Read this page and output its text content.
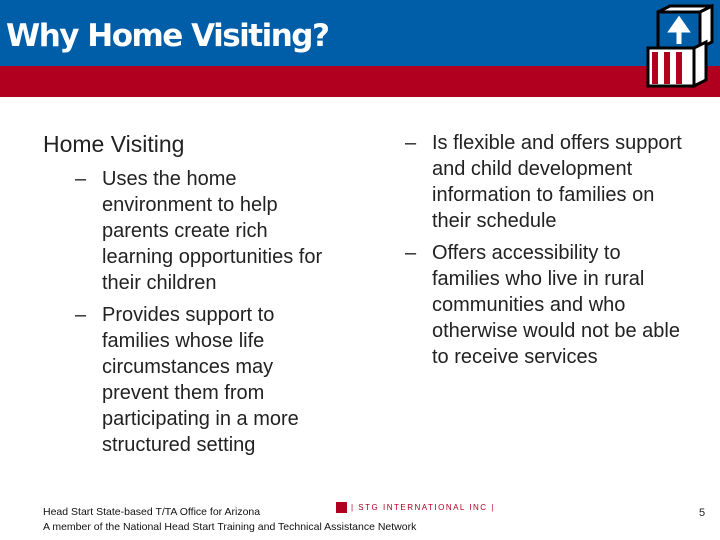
Why Home Visiting?
Home Visiting
– Uses the home environment to help parents create rich learning opportunities for their children
– Provides support to families whose life circumstances may prevent them from participating in a more structured setting
– Is flexible and offers support and child development information to families on their schedule
– Offers accessibility to families who live in rural communities and who otherwise would not be able to receive services
Head Start State-based T/TA Office for Arizona
A member of the National Head Start Training and Technical Assistance Network
| STG INTERNATIONAL INC |	5
